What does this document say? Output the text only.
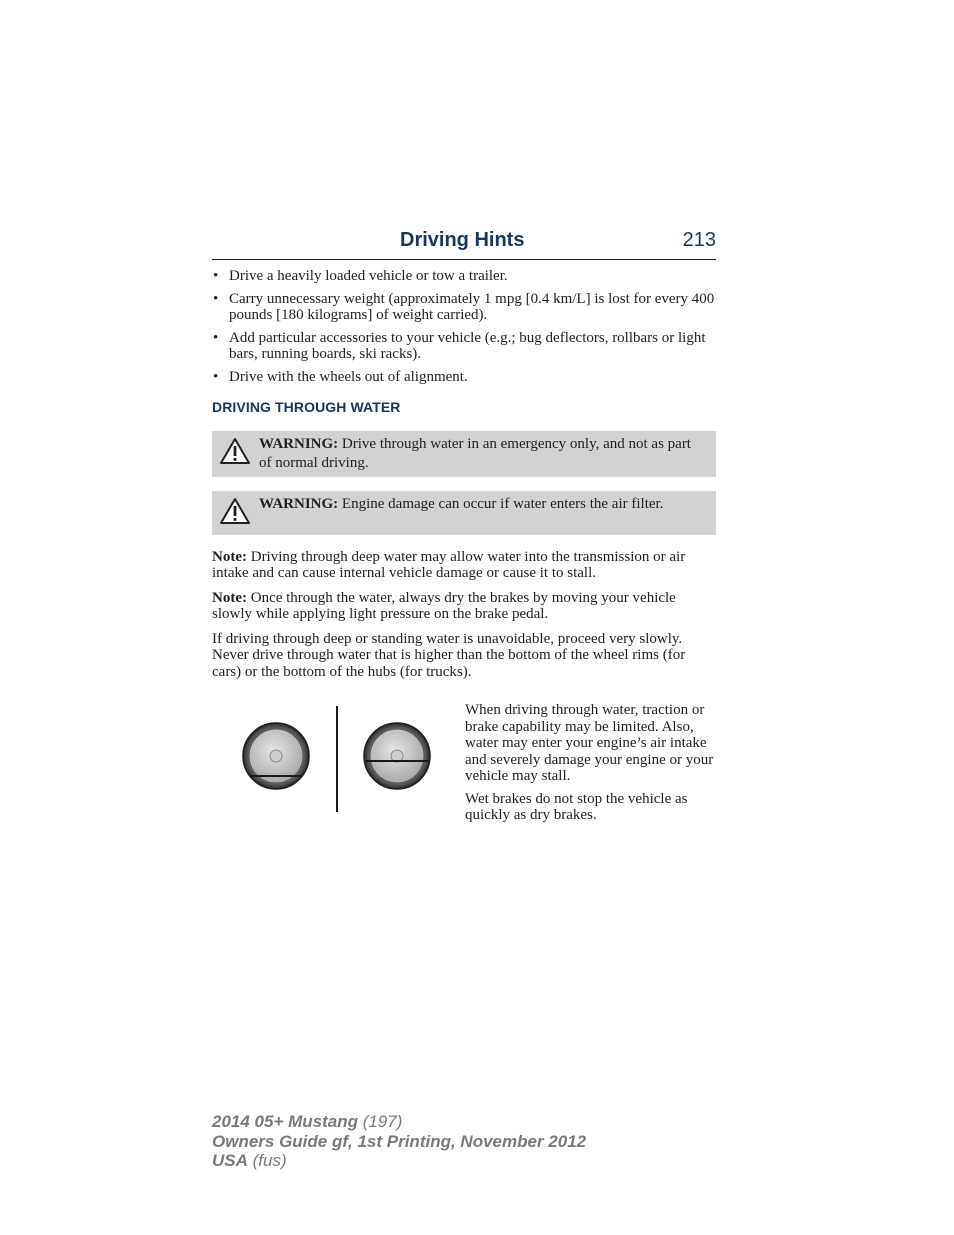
Driving Hints	213
• Drive a heavily loaded vehicle or tow a trailer.
• Carry unnecessary weight (approximately 1 mpg [0.4 km/L] is lost for every 400 pounds [180 kilograms] of weight carried).
• Add particular accessories to your vehicle (e.g.; bug deflectors, rollbars or light bars, running boards, ski racks).
• Drive with the wheels out of alignment.
DRIVING THROUGH WATER
WARNING: Drive through water in an emergency only, and not as part of normal driving.
WARNING: Engine damage can occur if water enters the air filter.

Note: Driving through deep water may allow water into the transmission or air intake and can cause internal vehicle damage or cause it to stall.

Note: Once through the water, always dry the brakes by moving your vehicle slowly while applying light pressure on the brake pedal.

If driving through deep or standing water is unavoidable, proceed very slowly. Never drive through water that is higher than the bottom of the wheel rims (for cars) or the bottom of the hubs (for trucks).

When driving through water, traction or brake capability may be limited. Also, water may enter your engine’s air intake and severely damage your engine or your vehicle may stall.

Wet brakes do not stop the vehicle as quickly as dry brakes.

2014 05+ Mustang (197)
Owners Guide gf, 1st Printing, November 2012
USA (fus)
